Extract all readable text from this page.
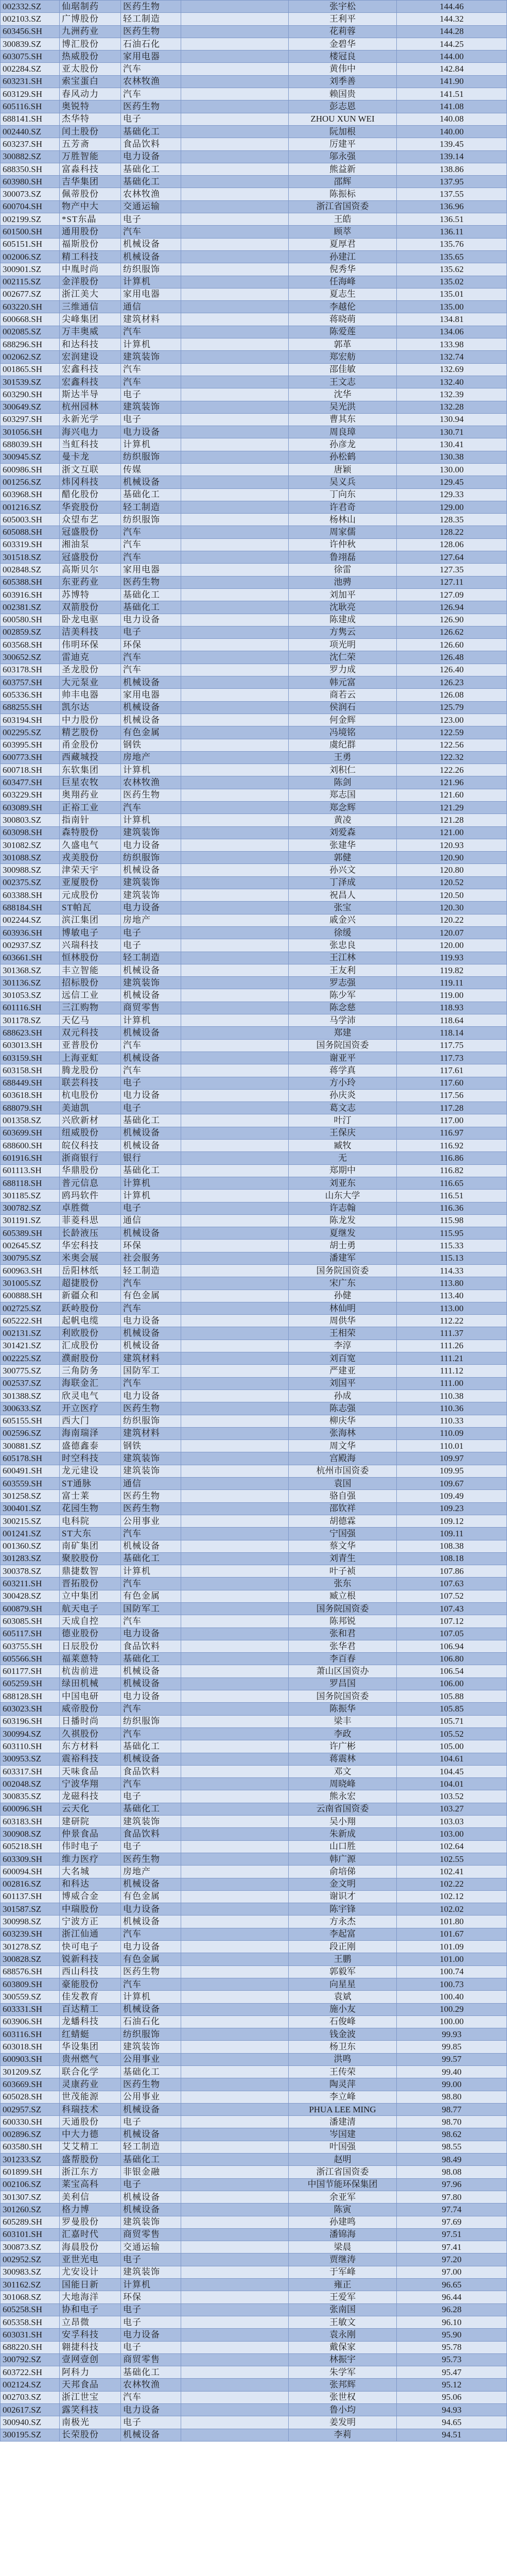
002332.SZ	仙琚制药	医药生物		张宇松	144.46
002103.SZ	广博股份	轻工制造		王利平	144.32
603456.SH	九洲药业	医药生物		花莉蓉	144.28
300839.SZ	博汇股份	石油石化		金碧华	144.25
603075.SH	热威股份	家用电器		楼冠良	144.00
002284.SZ	亚太股份	汽车		黄伟中	142.84
603231.SH	索宝蛋白	农林牧渔		刘季善	141.90
603129.SH	春风动力	汽车		赖国贵	141.51
605116.SH	奥锐特	医药生物		彭志恩	141.08
688141.SH	杰华特	电子		ZHOU XUN WEI	140.08
002440.SZ	闰土股份	基础化工		阮加根	140.00
603237.SH	五芳斋	食品饮料		厉建平	139.45
300882.SZ	万胜智能	电力设备		邬永强	139.14
688350.SH	富淼科技	基础化工		熊益新	138.86
603980.SH	吉华集团	基础化工		邵辉	137.95
300073.SZ	佩蒂股份	农林牧渔		陈振标	137.55
600704.SH	物产中大	交通运输		浙江省国资委	136.96
002199.SZ	*ST东晶	电子		王皓	136.51
601500.SH	通用股份	汽车		顾萃	136.11
605151.SH	福斯股份	机械设备		夏厚君	135.76
002006.SZ	精工科技	机械设备		孙建江	135.65
300901.SZ	中胤时尚	纺织服饰		倪秀华	135.62
002115.SZ	金洋股份	计算机		任海峰	135.02
002677.SZ	浙江美大	家用电器		夏志生	135.01
603220.SH	三维通信	通信		李越伦	135.00
600668.SH	尖峰集团	建筑材料		蒋晓萌	134.81
002085.SZ	万丰奥威	汽车		陈爱莲	134.06
688296.SH	和达科技	计算机		郭革	133.98
002062.SZ	宏润建设	建筑装饰		郑宏舫	132.74
001865.SH	宏鑫科技	汽车		邵佳敏	132.69
301539.SZ	宏鑫科技	汽车		王文志	132.40
603290.SH	斯达半导	电子		沈华	132.39
300649.SZ	杭州园林	建筑装饰		吴光洪	132.28
603297.SH	永新光学	电子		曹其东	130.94
301056.SH	海兴电力	电力设备		周良璋	130.71
688039.SH	当虹科技	计算机		孙彦龙	130.41
300945.SZ	曼卡龙	纺织服饰		孙松鹤	130.38
600986.SH	浙文互联	传媒		唐颖	130.00
001256.SZ	炜冈科技	机械设备		吴义兵	129.45
603968.SH	醋化股份	基础化工		丁向东	129.33
001216.SZ	华瓷股份	轻工制造		许君奇	129.00
605003.SH	众望布艺	纺织服饰		杨林山	128.35
605088.SH	冠盛股份	汽车		周家儒	128.22
603319.SH	湘油泵	汽车		许仲秋	128.06
301518.SZ	冠盛股份	汽车		鲁翊磊	127.64
002848.SZ	高斯贝尔	家用电器		徐雷	127.35
605388.SH	东亚药业	医药生物		池骋	127.11
603916.SH	苏博特	基础化工		刘加平	127.09
002381.SZ	双箭股份	基础化工		沈耿亮	126.94
600580.SH	卧龙电驱	电力设备		陈建成	126.90
002859.SZ	洁美科技	电子		方隽云	126.62
603568.SH	伟明环保	环保		项光明	126.60
300652.SZ	雷迪克	汽车		沈仁荣	126.48
603178.SH	圣龙股份	汽车		罗力成	126.40
603757.SH	大元泵业	机械设备		韩元富	126.23
605336.SH	帅丰电器	家用电器		商若云	126.08
688255.SH	凯尔达	机械设备		侯润石	125.79
603194.SH	中力股份	机械设备		何金辉	123.00
002295.SZ	精艺股份	有色金属		冯境铭	122.59
603995.SH	甬金股份	钢铁		虞纪群	122.56
600773.SH	西藏城投	房地产		王勇	122.32
600718.SH	东软集团	计算机		刘积仁	122.26
603477.SH	巨星农牧	农林牧渔		陈剑	121.96
603229.SH	奥翔药业	医药生物		郑志国	121.60
603089.SH	正裕工业	汽车		郑念辉	121.29
300803.SZ	指南针	计算机		黄凌	121.28
603098.SH	森特股份	建筑装饰		刘爱森	121.00
301082.SZ	久盛电气	电力设备		张建华	120.93
301088.SZ	戎美股份	纺织服饰		郭健	120.90
300988.SZ	津荣天宇	机械设备		孙兴文	120.80
002375.SZ	亚厦股份	建筑装饰		丁泽成	120.52
603388.SH	元成股份	建筑装饰		祝昌人	120.50
688184.SH	ST帕瓦	电力设备		张宝	120.30
002244.SZ	滨江集团	房地产		戚金兴	120.22
603936.SH	博敏电子	电子		徐缓	120.07
002937.SZ	兴瑞科技	电子		张忠良	120.00
603661.SH	恒林股份	轻工制造		王江林	119.93
301368.SZ	丰立智能	机械设备		王友利	119.82
301136.SZ	招标股份	建筑装饰		罗志强	119.11
301053.SZ	远信工业	机械设备		陈少军	119.00
601116.SH	三江购物	商贸零售		陈念慈	118.93
301178.SZ	天亿马	计算机		马学沛	118.64
688623.SH	双元科技	机械设备		郑建	118.14
603013.SH	亚普股份	汽车		国务院国资委	117.75
603159.SH	上海亚虹	机械设备		谢亚平	117.73
603158.SH	腾龙股份	汽车		蒋学真	117.61
688449.SH	联芸科技	电子		方小玲	117.60
603618.SH	杭电股份	电力设备		孙庆炎	117.56
688079.SH	美迪凯	电子		葛文志	117.28
001358.SZ	兴欣新材	基础化工		叶汀	117.00
603699.SH	纽威股份	机械设备		王保庆	116.97
688600.SH	皖仪科技	机械设备		臧牧	116.92
601916.SH	浙商银行	银行		无	116.86
601113.SH	华鼎股份	基础化工		郑期中	116.82
688118.SH	普元信息	计算机		刘亚东	116.65
301185.SZ	鸥玛软件	计算机		山东大学	116.51
300782.SZ	卓胜微	电子		许志翰	116.36
301191.SZ	菲菱科思	通信		陈龙发	115.98
605389.SH	长龄液压	机械设备		夏继发	115.95
002645.SZ	华宏科技	环保		胡士勇	115.33
300795.SZ	米奥会展	社会服务		潘建军	115.13
600963.SH	岳阳林纸	轻工制造		国务院国资委	114.33
301005.SZ	超捷股份	汽车		宋广东	113.80
600888.SH	新疆众和	有色金属		孙健	113.40
002725.SZ	跃岭股份	汽车		林仙明	113.00
605222.SH	起帆电缆	电力设备		周供华	112.22
002131.SZ	利欧股份	机械设备		王相荣	111.37
301421.SZ	汇成股份	机械设备		李淳	111.26
002225.SZ	濮耐股份	建筑材料		刘百宽	111.21
300775.SZ	三角防务	国防军工		严建亚	111.12
002537.SZ	海联金汇	汽车		刘国平	111.00
301388.SZ	欣灵电气	电力设备		孙成	110.38
300633.SZ	开立医疗	医药生物		陈志强	110.36
605155.SH	西大门	纺织服饰		柳庆华	110.33
002596.SZ	海南瑞泽	建筑材料		张海林	110.09
300881.SZ	盛德鑫泰	钢铁		周文华	110.01
605178.SH	时空科技	建筑装饰		宫殿海	109.97
600491.SH	龙元建设	建筑装饰		杭州市国资委	109.95
603559.SH	ST通脉	通信		袁国	109.67
301258.SZ	富士莱	医药生物		骆自强	109.49
300401.SZ	花园生物	医药生物		邵钦祥	109.23
300215.SZ	电科院	公用事业		胡德霖	109.12
001241.SZ	ST大东	汽车		宁国强	109.11
001360.SZ	南矿集团	机械设备		蔡文华	108.38
301283.SZ	聚胶股份	基础化工		刘青生	108.18
300378.SZ	鼎捷数智	计算机		叶子祯	107.86
603211.SH	晋拓股份	汽车		张东	107.63
300428.SZ	立中集团	有色金属		臧立根	107.52
600879.SH	航天电子	国防军工		国务院国资委	107.43
603085.SH	天成自控	汽车		陈邦锐	107.12
605117.SH	德业股份	电力设备		张和君	107.05
603755.SH	日辰股份	食品饮料		张华君	106.94
605566.SH	福莱蒽特	基础化工		李百春	106.80
601177.SH	杭齿前进	机械设备		萧山区国资办	106.54
605259.SH	绿田机械	机械设备		罗昌国	106.00
688128.SH	中国电研	电力设备		国务院国资委	105.88
603023.SH	威帝股份	汽车		陈振华	105.85
603196.SH	日播时尚	纺织服饰		梁丰	105.71
300994.SZ	久祺股份	汽车		李政	105.52
603110.SH	东方材料	基础化工		许广彬	105.00
300953.SZ	震裕科技	机械设备		蒋震林	104.61
603317.SH	天味食品	食品饮料		邓文	104.45
002048.SZ	宁波华翔	汽车		周晓峰	104.01
300835.SZ	龙磁科技	电子		熊永宏	103.52
600096.SH	云天化	基础化工		云南省国资委	103.27
603183.SH	建研院	建筑装饰		吴小翔	103.03
300908.SZ	仲景食品	食品饮料		朱新成	103.00
605218.SH	伟时电子	电子		山口胜	102.64
603309.SH	维力医疗	医药生物		韩广源	102.55
600094.SH	大名城	房地产		俞培俤	102.41
002816.SZ	和科达	机械设备		金文明	102.22
601137.SH	博威合金	有色金属		谢识才	102.12
301587.SZ	中瑞股份	电力设备		陈宇锋	102.02
300998.SZ	宁波方正	机械设备		方永杰	101.80
603239.SH	浙江仙通	汽车		李起富	101.67
301278.SZ	快可电子	电力设备		段正刚	101.09
300828.SZ	锐新科技	有色金属		王鹏	101.00
688576.SH	西山科技	医药生物		郭毅军	100.74
603809.SH	豪能股份	汽车		向星星	100.73
300559.SZ	佳发教育	计算机		袁斌	100.40
603331.SH	百达精工	机械设备		施小友	100.29
603906.SH	龙蟠科技	石油石化		石俊峰	100.00
603116.SH	红蜻蜓	纺织服饰		钱金波	99.93
603018.SH	华设集团	建筑装饰		杨卫东	99.85
600903.SH	贵州燃气	公用事业		洪鸣	99.57
301209.SZ	联合化学	基础化工		王传荣	99.40
603669.SH	灵康药业	医药生物		陶灵萍	99.00
605028.SH	世茂能源	公用事业		李立峰	98.80
002957.SZ	科瑞技术	机械设备		PHUA LEE MING	98.77
600330.SH	天通股份	电子		潘建清	98.70
002896.SZ	中大力德	机械设备		岑国建	98.62
603580.SH	艾艾精工	轻工制造		叶国强	98.55
301233.SZ	盛帮股份	基础化工		赵明	98.49
601899.SH	浙江东方	非银金融		浙江省国资委	98.08
002106.SZ	莱宝高科	电子		中国节能环保集团	97.96
301307.SZ	美利信	机械设备		余亚军	97.80
301260.SZ	格力博	机械设备		陈寅	97.74
605289.SH	罗曼股份	建筑装饰		孙建鸣	97.69
603101.SH	汇嘉时代	商贸零售		潘锦海	97.51
300873.SZ	海晨股份	交通运输		梁晨	97.41
002952.SZ	亚世光电	电子		贾继涛	97.20
300983.SZ	尤安设计	建筑装饰		于军峰	97.00
301162.SZ	国能日新	计算机		雍正	96.65
301068.SZ	大地海洋	环保		王爱军	96.44
605258.SH	协和电子	电子		张南国	96.28
605358.SH	立昂微	电子		王敏文	96.10
603031.SH	安孚科技	电力设备		袁永刚	95.90
688220.SH	翱捷科技	电子		戴保家	95.78
300792.SZ	壹网壹创	商贸零售		林振宇	95.73
603722.SH	阿科力	基础化工		朱学军	95.47
002124.SZ	天邦食品	农林牧渔		张邦辉	95.12
002703.SZ	浙江世宝	汽车		张世权	95.06
002617.SZ	露笑科技	电力设备		鲁小均	94.93
300940.SZ	南极光	电子		姜发明	94.65
300195.SZ	长荣股份	机械设备		李莉	94.51
